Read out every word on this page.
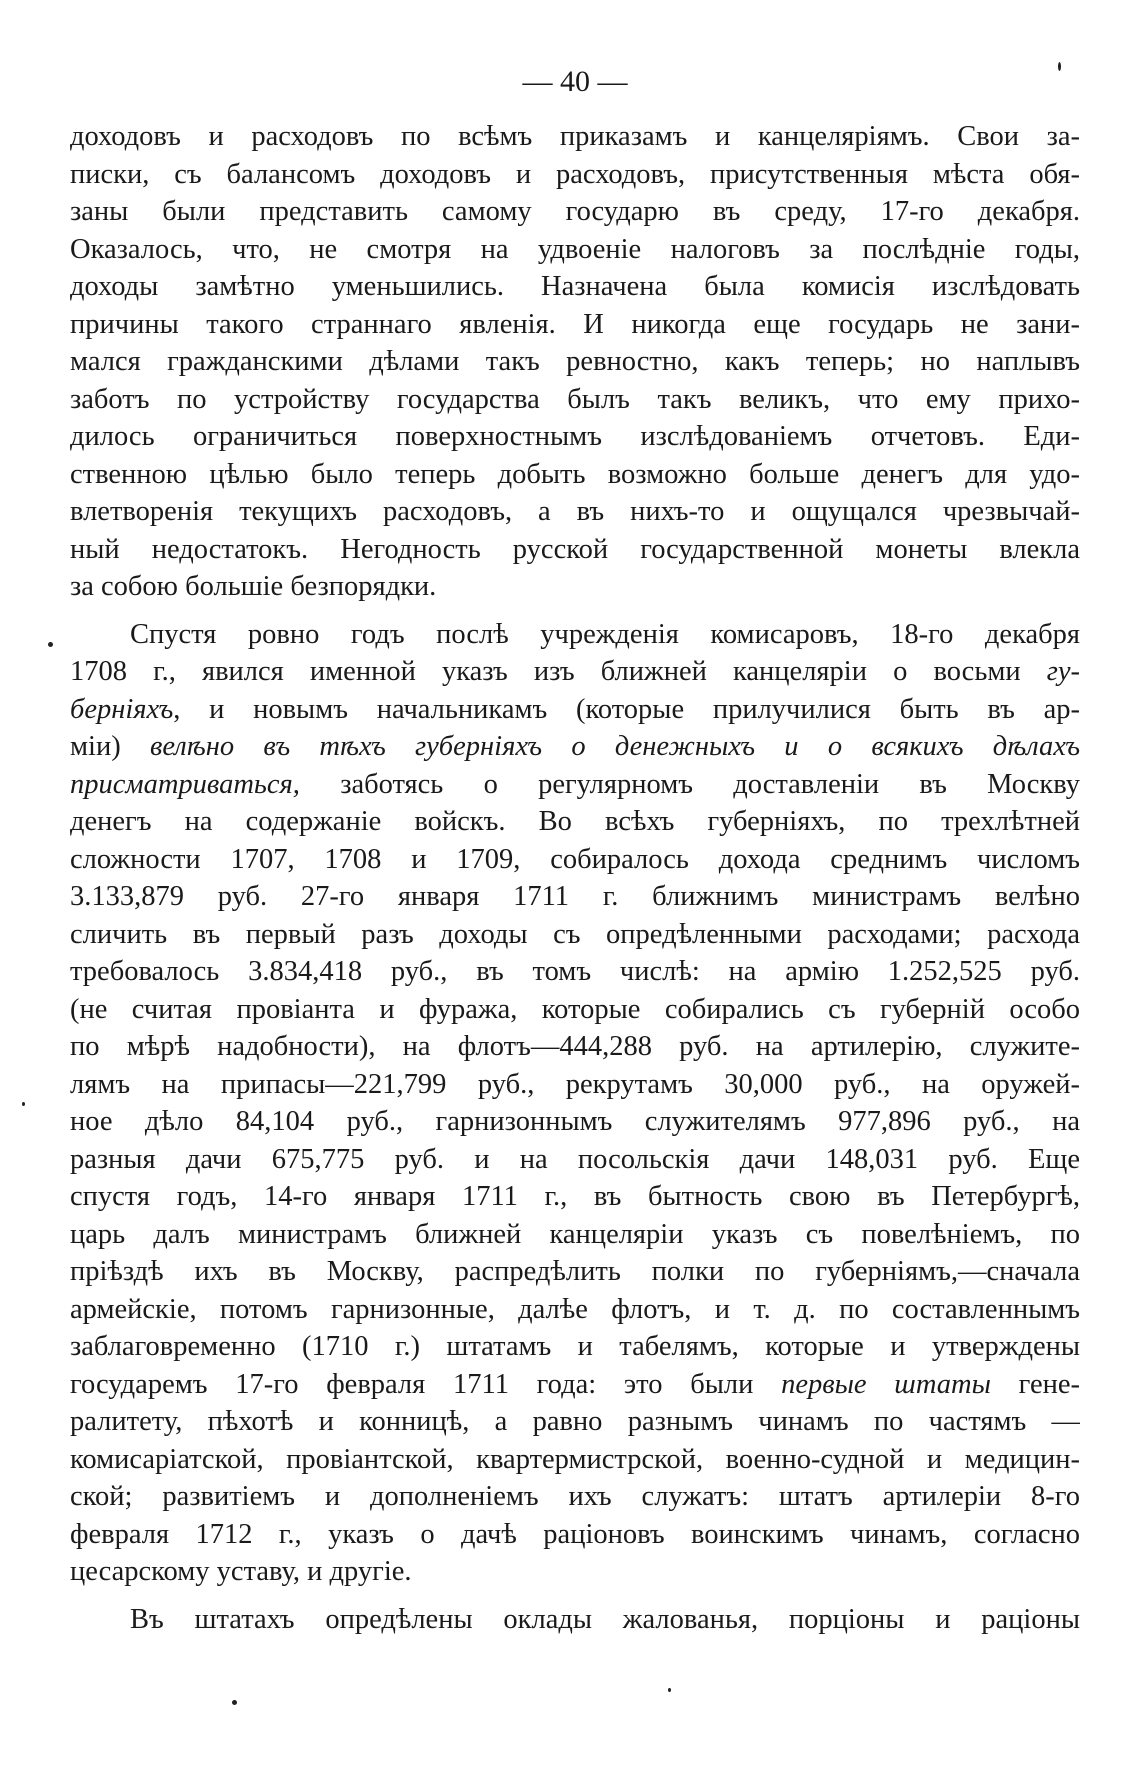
— 40 —
доходовъ и расходовъ по всѣмъ приказамъ и канцеляріямъ. Свои за-
писки, съ балансомъ доходовъ и расходовъ, присутственныя мѣста обя-
заны были представить самому государю въ среду, 17-го декабря.
Оказалось, что, не смотря на удвоеніе налоговъ за послѣдніе годы,
доходы замѣтно уменьшились. Назначена была комисія изслѣдовать
причины такого страннаго явленія. И никогда еще государь не зани-
мался гражданскими дѣлами такъ ревностно, какъ теперь; но наплывъ
заботъ по устройству государства былъ такъ великъ, что ему прихо-
дилось ограничиться поверхностнымъ изслѣдованіемъ отчетовъ. Еди-
ственною цѣлью было теперь добыть возможно больше денегъ для удо-
влетворенія текущихъ расходовъ, а въ нихъ-то и ощущался чрезвычай-
ный недостатокъ. Негодность русской государственной монеты влекла
за собою большіе безпорядки.
Спустя ровно годъ послѣ учрежденія комисаровъ, 18-го декабря
1708 г., явился именной указъ изъ ближней канцеляріи о восьми гу-
берніяхъ, и новымъ начальникамъ (которые прилучилися быть въ ар-
міи) велѣно въ тѣхъ губерніяхъ о денежныхъ и о всякихъ дѣлахъ
присматриваться, заботясь о регулярномъ доставленіи въ Москву
денегъ на содержаніе войскъ. Во всѣхъ губерніяхъ, по трехлѣтней
сложности 1707, 1708 и 1709, собиралось дохода среднимъ числомъ
3.133,879 руб. 27-го января 1711 г. ближнимъ министрамъ велѣно
сличить въ первый разъ доходы съ опредѣленными расходами; расхода
требовалось 3.834,418 руб., въ томъ числѣ: на армію 1.252,525 руб.
(не считая провіанта и фуража, которые собирались съ губерній особо
по мѣрѣ надобности), на флотъ—444,288 руб. на артилерію, служите-
лямъ на припасы—221,799 руб., рекрутамъ 30,000 руб., на оружей-
ное дѣло 84,104 руб., гарнизоннымъ служителямъ 977,896 руб., на
разныя дачи 675,775 руб. и на посольскія дачи 148,031 руб. Еще
спустя годъ, 14-го января 1711 г., въ бытность свою въ Петербургѣ,
царь далъ министрамъ ближней канцеляріи указъ съ повелѣніемъ, по
пріѣздѣ ихъ въ Москву, распредѣлить полки по губерніямъ,—сначала
армейскіе, потомъ гарнизонные, далѣе флотъ, и т. д. по составленнымъ
заблаговременно (1710 г.) штатамъ и табелямъ, которые и утверждены
государемъ 17-го февраля 1711 года: это были первые штаты гене-
ралитету, пѣхотѣ и конницѣ, а равно разнымъ чинамъ по частямъ —
комисаріатской, провіантской, квартермистрской, военно-судной и медицин-
ской; развитіемъ и дополненіемъ ихъ служатъ: штатъ артилеріи 8-го
февраля 1712 г., указъ о дачѣ раціоновъ воинскимъ чинамъ, согласно
цесарскому уставу, и другіе.
Въ штатахъ опредѣлены оклады жалованья, порціоны и раціоны
